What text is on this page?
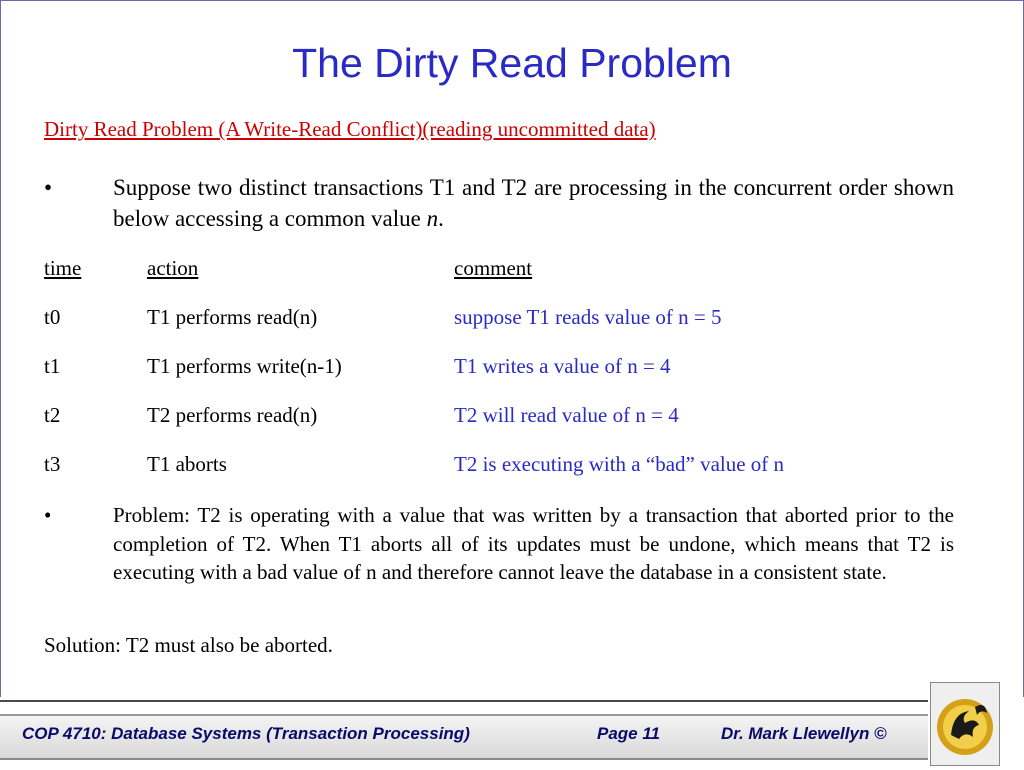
The Dirty Read Problem
Dirty Read Problem (A Write-Read Conflict)(reading uncommitted data)
•	Suppose two distinct transactions T1 and T2 are processing in the concurrent order shown below accessing a common value n.
time	action	comment
t0	T1 performs read(n)	suppose T1 reads value of n = 5
t1	T1 performs write(n-1)	T1 writes a value of n = 4
t2	T2 performs read(n)	T2 will read value of n = 4
t3	T1 aborts	T2 is executing with a “bad” value of n
•	Problem: T2 is operating with a value that was written by a transaction that aborted prior to the completion of T2. When T1 aborts all of its updates must be undone, which means that T2 is executing with a bad value of n and therefore cannot leave the database in a consistent state.
Solution: T2 must also be aborted.
COP 4710: Database Systems (Transaction Processing)	Page 11	Dr. Mark Llewellyn ©
